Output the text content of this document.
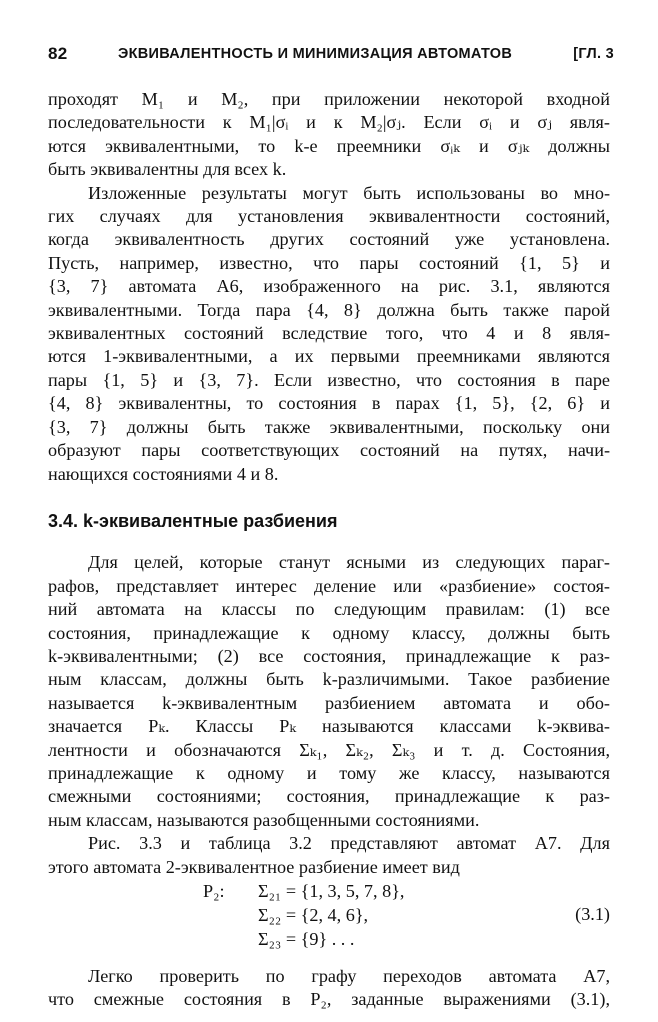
82	ЭКВИВАЛЕНТНОСТЬ И МИНИМИЗАЦИЯ АВТОМАТОВ	[ГЛ. 3
проходят M₁ и M₂, при приложении некоторой входной
последовательности к M₁|σᵢ и к M₂|σⱼ. Если σᵢ и σⱼ явля-
ются эквивалентными, то k-е преемники σᵢₖ и σⱼₖ должны
быть эквивалентны для всех k.
Изложенные результаты могут быть использованы во мно-
гих случаях для установления эквивалентности состояний,
когда эквивалентность других состояний уже установлена.
Пусть, например, известно, что пары состояний {1, 5} и
{3, 7} автомата A6, изображенного на рис. 3.1, являются
эквивалентными. Тогда пара {4, 8} должна быть также парой
эквивалентных состояний вследствие того, что 4 и 8 явля-
ются 1-эквивалентными, а их первыми преемниками являются
пары {1, 5} и {3, 7}. Если известно, что состояния в паре
{4, 8} эквивалентны, то состояния в парах {1, 5}, {2, 6} и
{3, 7} должны быть также эквивалентными, поскольку они
образуют пары соответствующих состояний на путях, начи-
нающихся состояниями 4 и 8.
3.4. k-эквивалентные разбиения
Для целей, которые станут ясными из следующих параг-
рафов, представляет интерес деление или «разбиение» состоя-
ний автомата на классы по следующим правилам: (1) все
состояния, принадлежащие к одному классу, должны быть
k-эквивалентными; (2) все состояния, принадлежащие к раз-
ным классам, должны быть k-различимыми. Такое разбиение
называется k-эквивалентным разбиением автомата и обо-
значается Pₖ. Классы Pₖ называются классами k-эквива-
лентности и обозначаются Σₖ₁, Σₖ₂, Σₖ₃ и т. д. Состояния,
принадлежащие к одному и тому же классу, называются
смежными состояниями; состояния, принадлежащие к раз-
ным классам, называются разобщенными состояниями.
Рис. 3.3 и таблица 3.2 представляют автомат A7. Для
этого автомата 2-эквивалентное разбиение имеет вид
P₂: Σ₂₁ = {1, 3, 5, 7, 8},
Σ₂₂ = {2, 4, 6},
Σ₂₃ = {9} . . .
(3.1)
Легко проверить по графу переходов автомата A7,
что смежные состояния в P₂, заданные выражениями (3.1),
